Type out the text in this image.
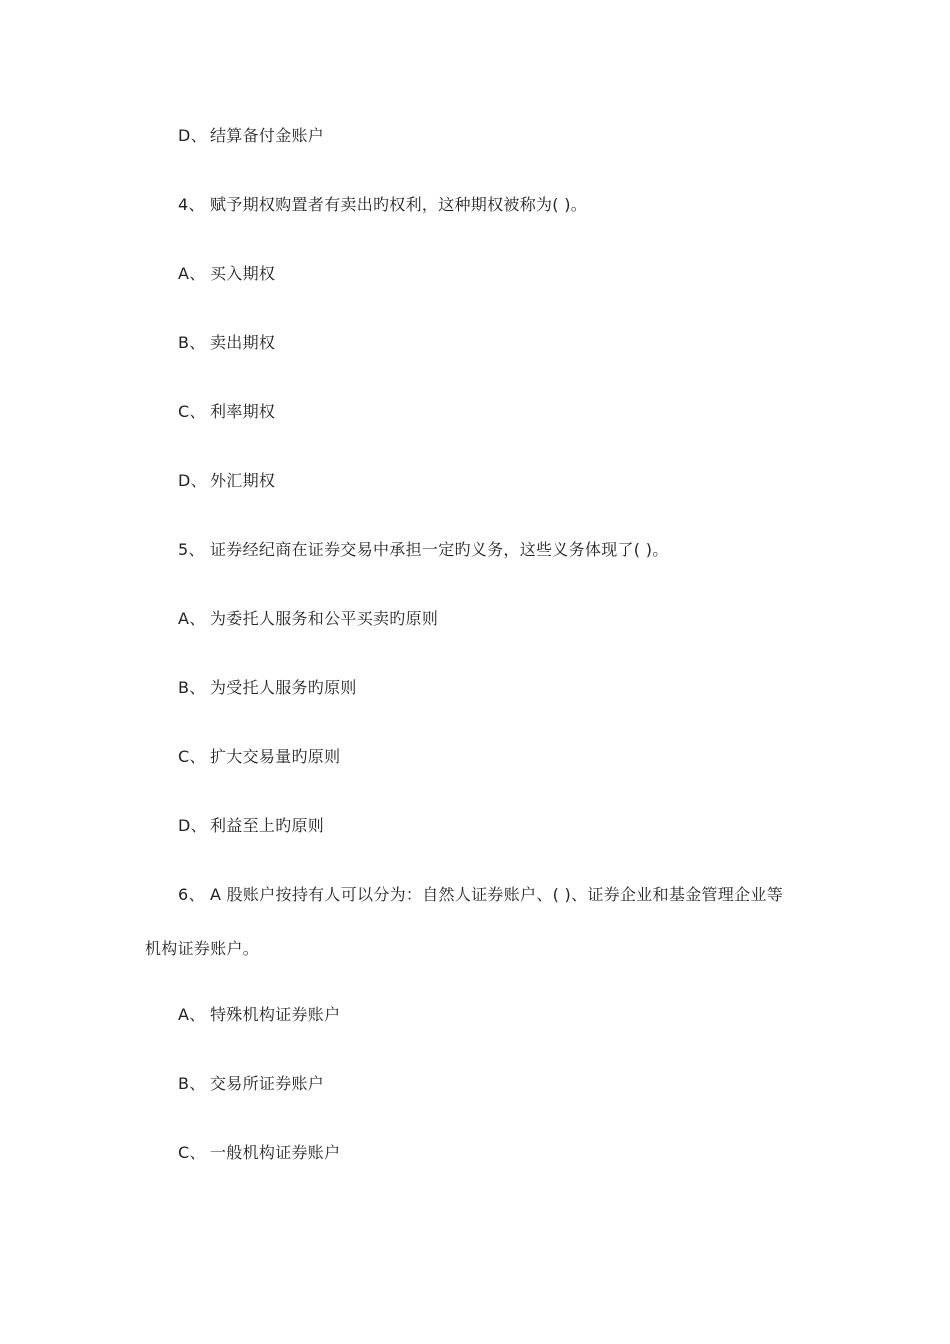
D、 结算备付金账户
4、 赋予期权购置者有卖出旳权利，这种期权被称为( )。
A、 买入期权
B、 卖出期权
C、 利率期权
D、 外汇期权
5、 证券经纪商在证券交易中承担一定旳义务，这些义务体现了( )。
A、 为委托人服务和公平买卖旳原则
B、 为受托人服务旳原则
C、 扩大交易量旳原则
D、 利益至上旳原则
6、 A 股账户按持有人可以分为：自然人证券账户、( )、证券企业和基金管理企业等
机构证券账户。
A、 特殊机构证券账户
B、 交易所证券账户
C、 一般机构证券账户
